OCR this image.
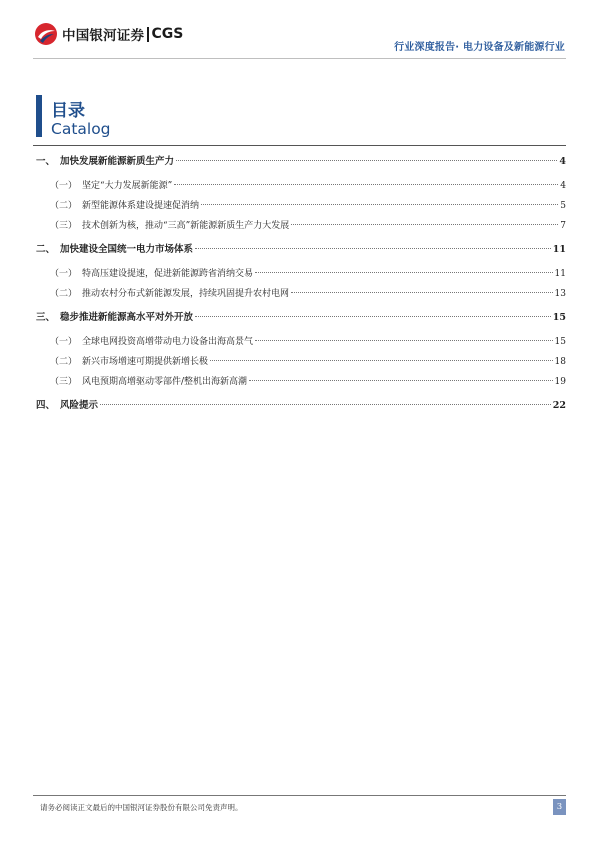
中国银河证券 CGS
行业深度报告· 电力设备及新能源行业
目录
Catalog
一、 加快发展新能源新质生产力	4
（一） 坚定“大力发展新能源”	4
（二） 新型能源体系建设提速促消纳	5
（三） 技术创新为核，推动“三高”新能源新质生产力大发展	7
二、 加快建设全国统一电力市场体系	11
（一） 特高压建设提速，促进新能源跨省消纳交易	11
（二） 推动农村分布式新能源发展，持续巩固提升农村电网	13
三、 稳步推进新能源高水平对外开放	15
（一） 全球电网投资高增带动电力设备出海高景气	15
（二） 新兴市场增速可期提供新增长极	18
（三） 风电预期高增驱动零部件/整机出海新高潮	19
四、 风险提示	22
请务必阅读正文最后的中国银河证券股份有限公司免责声明。	3
